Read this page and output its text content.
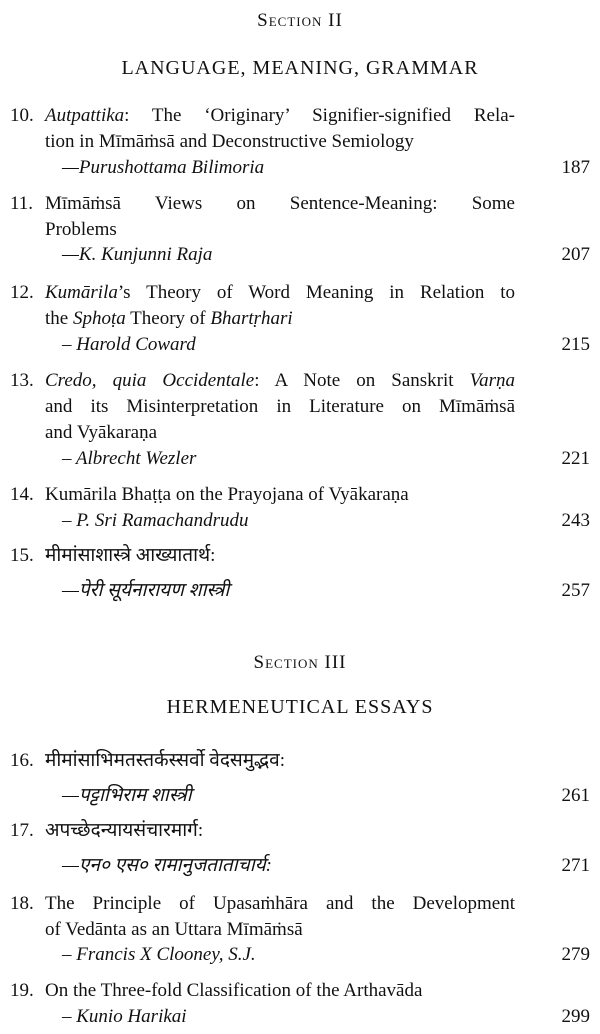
Section II
LANGUAGE, MEANING, GRAMMAR
10. Autpattika: The ‘Originary’ Signifier-signified Rela-
tion in Mīmāṁsā and Deconstructive Semiology
—Purushottama Bilimoria	187
11. Mīmāṁsā Views on Sentence-Meaning: Some
Problems
—K. Kunjunni Raja	207
12. Kumārila’s Theory of Word Meaning in Relation to
the Sphoṭa Theory of Bhartṛhari
– Harold Coward	215
13. Credo, quia Occidentale: A Note on Sanskrit Varṇa
and its Misinterpretation in Literature on Mīmāṁsā
and Vyākaraṇa
– Albrecht Wezler	221
14. Kumārila Bhaṭṭa on the Prayojana of Vyākaraṇa
– P. Sri Ramachandrudu	243
15. मीमांसाशास्त्रे आख्यातार्थ:
—पेरी सूर्यनारायण शास्त्री	257
Section III
HERMENEUTICAL ESSAYS
16. मीमांसाभिमतस्तर्कस्सर्वो वेदसमुद्भव:
—पट्टाभिराम शास्त्री	261
17. अपच्छेदन्यायसंचारमार्ग:
—एन० एस० रामानुजताताचार्य:	271
18. The Principle of Upasaṁhāra and the Development
of Vedānta as an Uttara Mīmāṁsā
– Francis X Clooney, S.J.	279
19. On the Three-fold Classification of the Arthavāda
– Kunio Harikai	299
